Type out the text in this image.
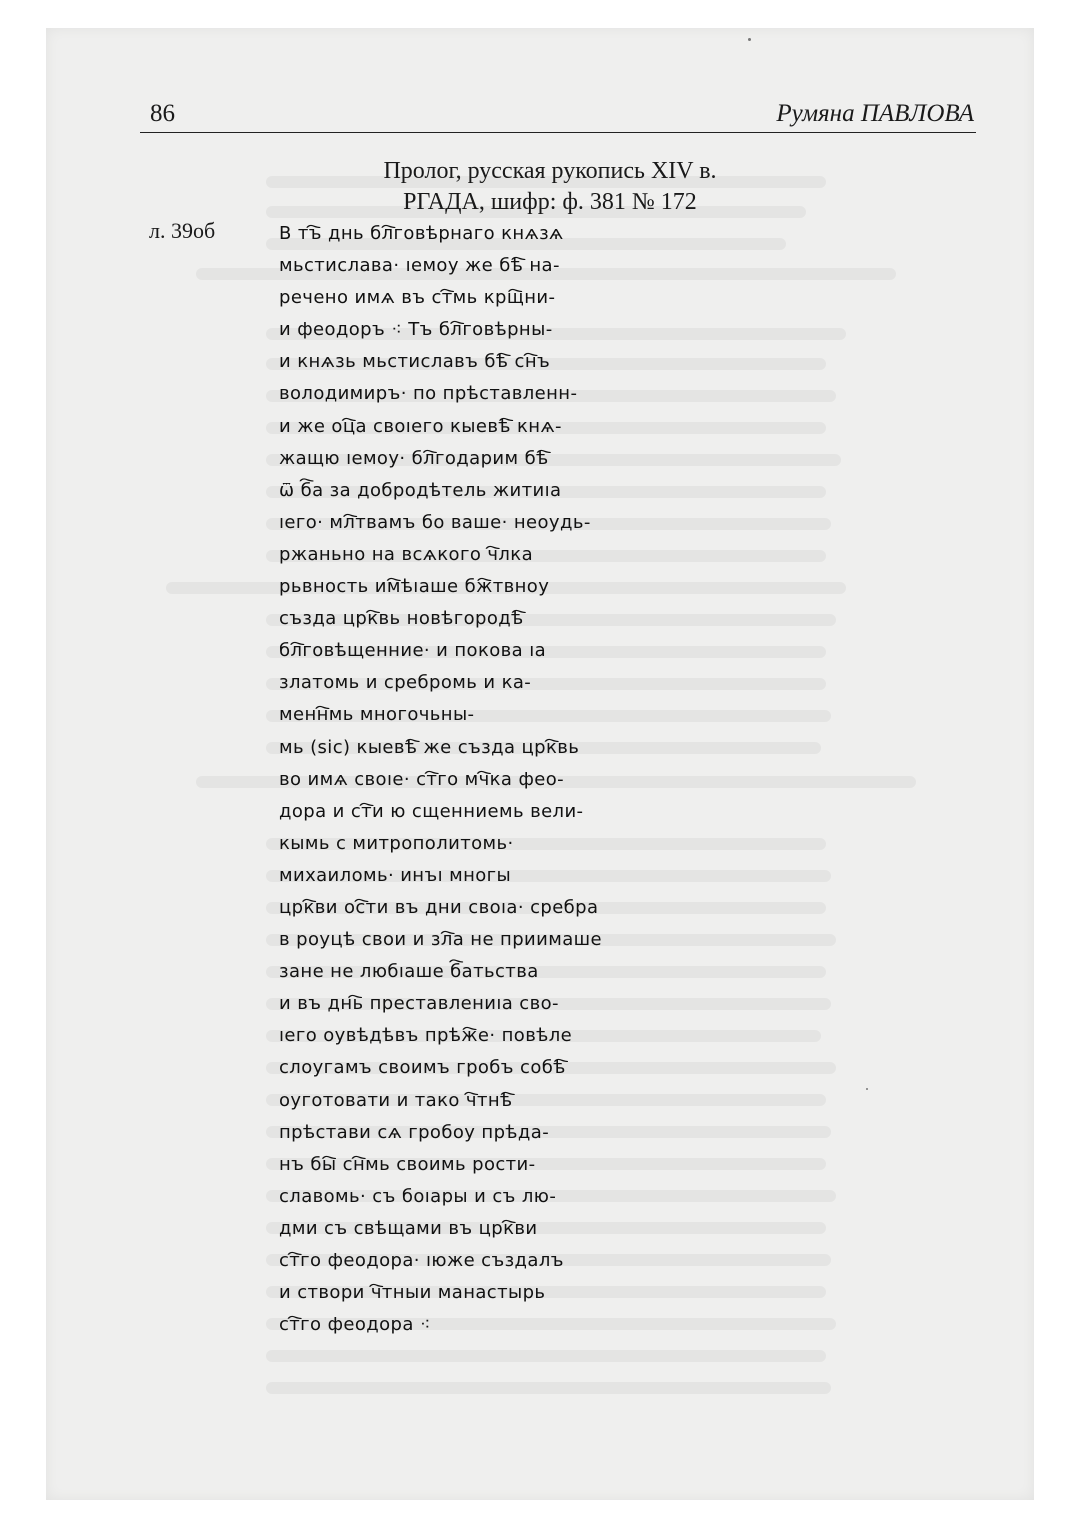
86	Румяна ПАВЛОВА
Пролог, русская рукопись XIV в.
РГАДА, шифр: ф. 381 № 172
л. 39об	В тъ҇ днь бл҇говѣрнаго кнѧзѧ
мьстислава· ıемоу же бѣ҇ на-
речено имѧ въ ст҇мь крщ҇ни-
и феодоръ ⁖ Тъ бл҇говѣрны-
и кнѧзь мьстиславъ бѣ҇ сн҇ъ
володимиръ· по прѣставленн-
и же оц҇а своıего кыевѣ҇ кнѧ-
жащю ıемоу· бл҇годарим бѣ҇
ѿ б҇а за добродѣтель житиıа
ıего· мл҇твамъ бо ваше· неоудь-
ржаньно на всѧкого ч҇лка
рьвность им҇ѣıаше бж҇твноу
създа црк҇вь новѣгородѣ҇
бл҇говѣщенние· и покова ıа
златомь и сребромь и ка-
менн҇мь многочьны-
мь (sic) кыевѣ҇ же създа црк҇вь
во имѧ своıе· ст҇го мч҇ка фео-
дора и ст҇и ю сщенниемь вели-
кымь с митрополитомь·
михаиломь· инъı многы
црк҇ви ос҇ти въ дни своıа· сребра
в роуцѣ свои и зл҇а не приимаше
зане не любıаше б҇атьства
и въ днь҇ преставлениıа сво-
ıего оувѣдѣвъ прѣж҇е· повѣле
слоугамъ своимъ гробъ собѣ҇
оуготовати и тако ч҇тнѣ҇
прѣстави сѧ гробоу прѣда-
нъ бы҇ сн҇мь своимь рости-
славомь· съ боıары и съ лю-
дми съ свѣщами въ црк҇ви
ст҇го феодора· ıюже създалъ
и створи ч҇тныи манастырь
ст҇го феодора ⁖
